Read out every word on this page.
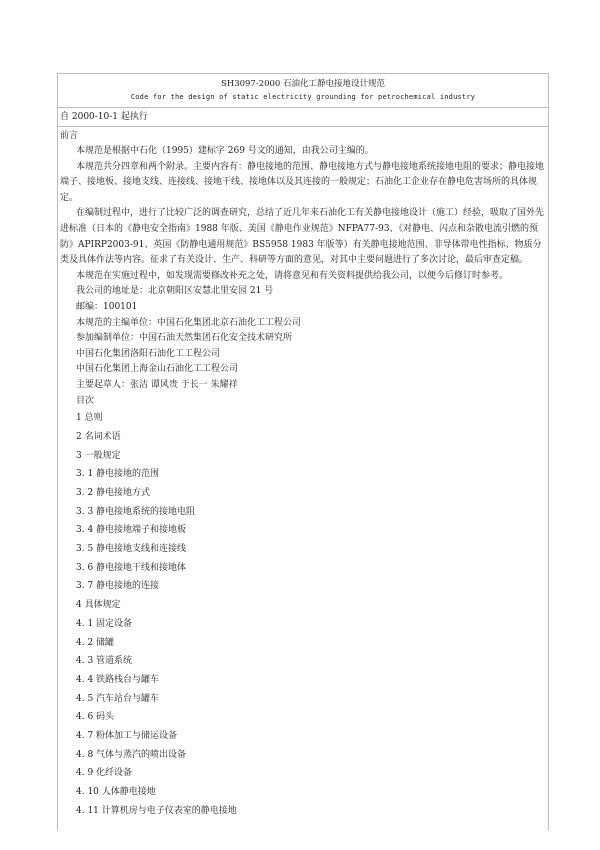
SH3097-2000 石油化工静电接地设计规范
Code for the design of static electricity grounding for petrochemical industry
自 2000-10-1 起执行
前言

本规范是根据中石化（1995）建标字 269 号文的通知，由我公司主编的。

本规范共分四章和两个附录。主要内容有：静电接地的范围、静电接地方式与静电接地系统接地电阻的要求；静电接地端子、接地板、接地支线、连接线、接地干线、接地体以及其连接的一般规定；石油化工企业存在静电危害场所的具体规定。

在编制过程中，进行了比较广泛的调查研究，总结了近几年来石油化工有关静电接地设计（施工）经验，吸取了国外先进标准（日本的《静电安全指南》1988 年版、美国《静电作业规范》NFPA77-93、《对静电、闪点和杂散电流引燃的预防》APIRP2003-91、英国《防静电通用规范》BS5958 1983 年版等）有关静电接地范围、非导体带电性指标、物质分类及具体作法等内容。征求了有关设计、生产、科研等方面的意见，对其中主要问题进行了多次讨论，最后审查定稿。

本规范在实施过程中，如发现需要修改补充之处，请将意见和有关资料提供给我公司，以便今后修订时参考。

我公司的地址是：北京朝阳区安慧北里安园 21 号
邮编：100101
本规范的主编单位：中国石化集团北京石油化工工程公司
参加编制单位：中国石油天然集团石化安全技术研究所
中国石化集团洛阳石油化工工程公司
中国石化集团上海金山石油化工工程公司
主要起草人：张洁 谭风贵 于长一 朱耀祥
目次
1 总则
2 名词术语
3 一般规定
3. 1 静电接地的范围
3. 2 静电接地方式
3. 3 静电接地系统的接地电阻
3. 4 静电接地端子和接地板
3. 5 静电接地支线和连接线
3. 6 静电接地干线和接地体
3. 7 静电接地的连接
4 具体规定
4. 1 固定设备
4. 2 储罐
4. 3 管道系统
4. 4 铁路栈台与罐车
4. 5 汽车站台与罐车
4. 6 码头
4. 7 粉体加工与储运设备
4. 8 气体与蒸汽的喷出设备
4. 9 化纤设备
4. 10 人体静电接地
4. 11 计算机房与电子仪表室的静电接地
